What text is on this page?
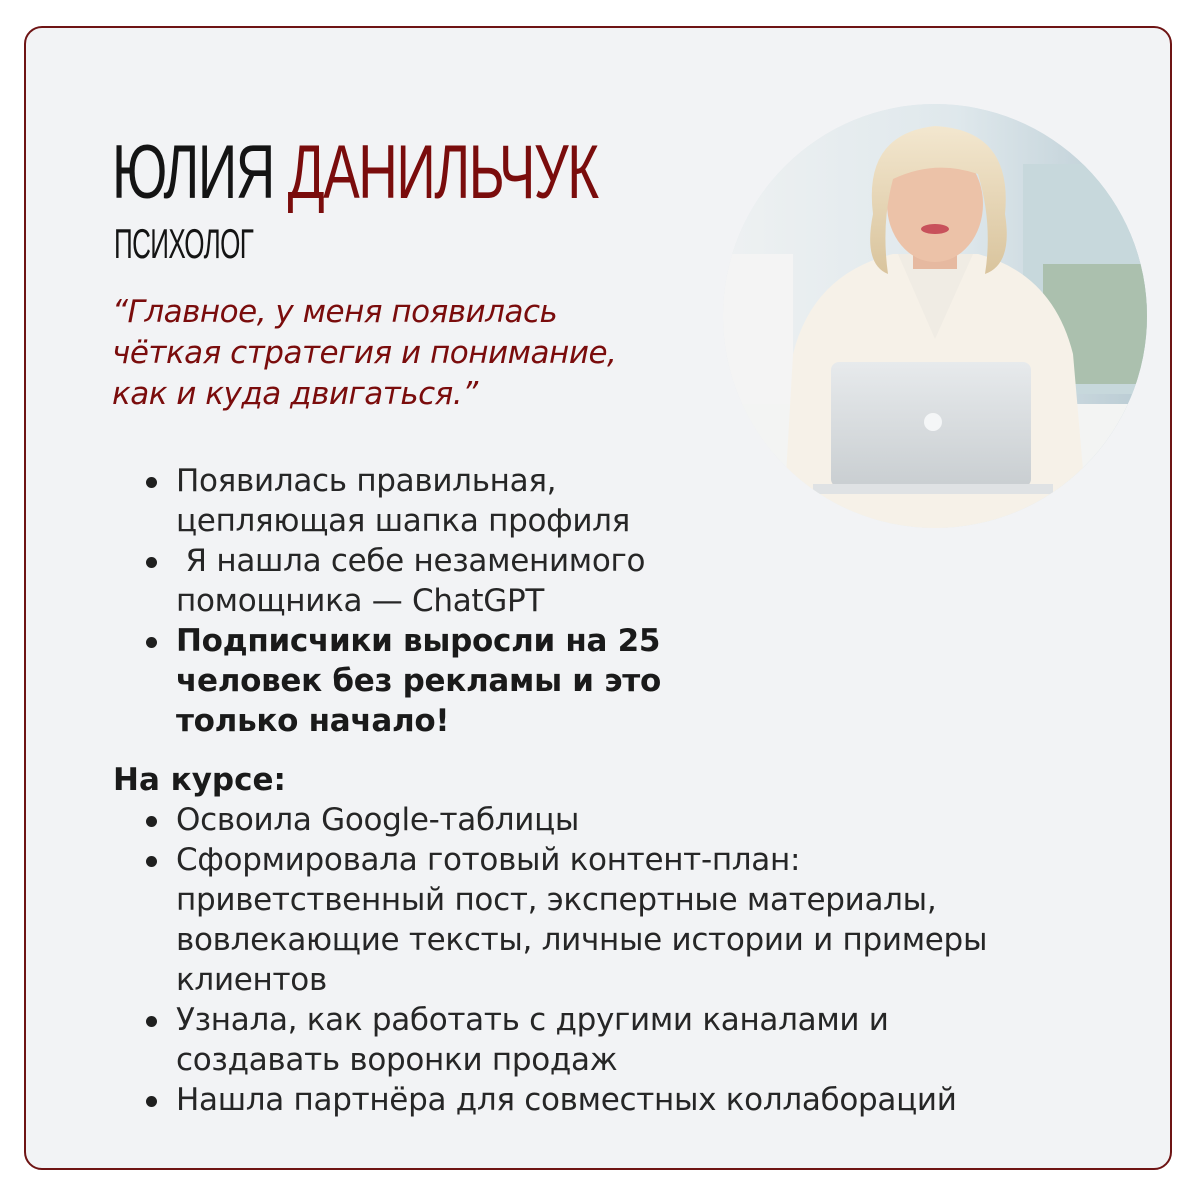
ЮЛИЯ ДАНИЛЬЧУК
ПСИХОЛОГ
“Главное, у меня появилась
чёткая стратегия и понимание,
как и куда двигаться.”
Появилась правильная,
цепляющая шапка профиля
Я нашла себе незаменимого
помощника — ChatGPT
Подписчики выросли на 25
человек без рекламы и это
только начало!
На курсе:
Освоила Google-таблицы
Сформировала готовый контент-план:
приветственный пост, экспертные материалы,
вовлекающие тексты, личные истории и примеры
клиентов
Узнала, как работать с другими каналами и
создавать воронки продаж
Нашла партнёра для совместных коллабораций
